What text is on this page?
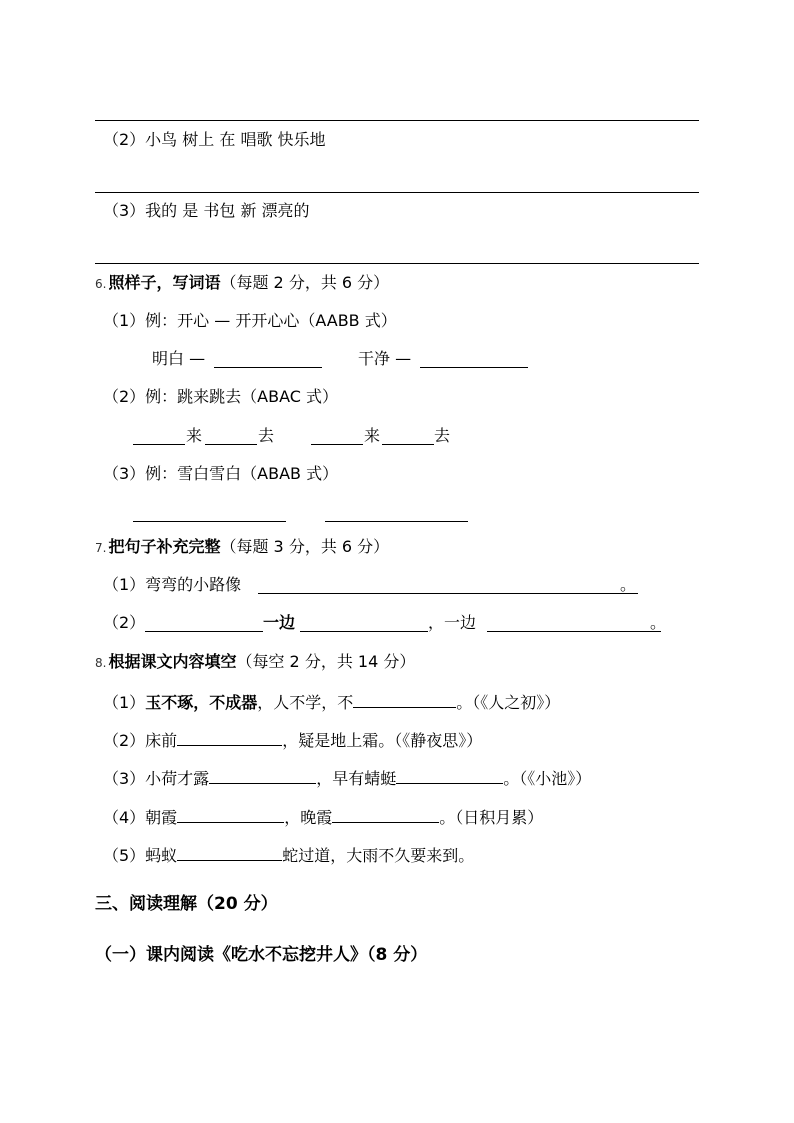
（2）小鸟 树上 在 唱歌 快乐地
（3）我的 是 书包 新 漂亮的
6. 照样子，写词语（每题 2 分，共 6 分）
（1）例：开心 — 开开心心（AABB 式）
明白 —	干净 —
（2）例：跳来跳去（ABAC 式）
来	去	来	去
（3）例：雪白雪白（ABAB 式）
7. 把句子补充完整（每题 3 分，共 6 分）
（1）弯弯的小路像	。
（2）	一边	，一边	。
8. 根据课文内容填空（每空 2 分，共 14 分）
（1）玉不琢，不成器，人不学，不	。（《人之初》）
（2）床前	，疑是地上霜。（《静夜思》）
（3）小荷才露	，早有蜻蜓	。（《小池》）
（4）朝霞	，晚霞	。（日积月累）
（5）蚂蚁	蛇过道，大雨不久要来到。
三、阅读理解（20 分）
（一）课内阅读《吃水不忘挖井人》（8 分）
